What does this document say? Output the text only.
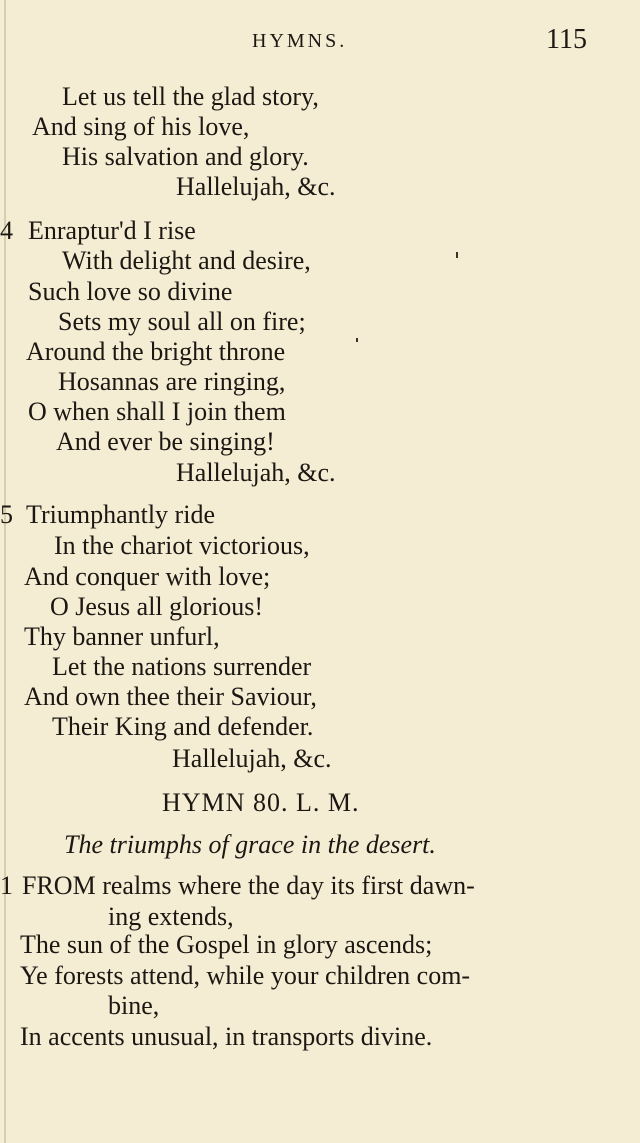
HYMNS.	115
Let us tell the glad story,
And sing of his love,
His salvation and glory.
Hallelujah, &c.
4 Enraptur'd I rise
With delight and desire,
Such love so divine
Sets my soul all on fire;
Around the bright throne
Hosannas are ringing,
O when shall I join them
And ever be singing!
Hallelujah, &c.
5 Triumphantly ride
In the chariot victorious,
And conquer with love;
O Jesus all glorious!
Thy banner unfurl,
Let the nations surrender
And own thee their Saviour,
Their King and defender.
Hallelujah, &c.
HYMN 80. L. M.
The triumphs of grace in the desert.
1 FROM realms where the day its first dawn-
ing extends,
The sun of the Gospel in glory ascends;
Ye forests attend, while your children com-
bine,
In accents unusual, in transports divine.
